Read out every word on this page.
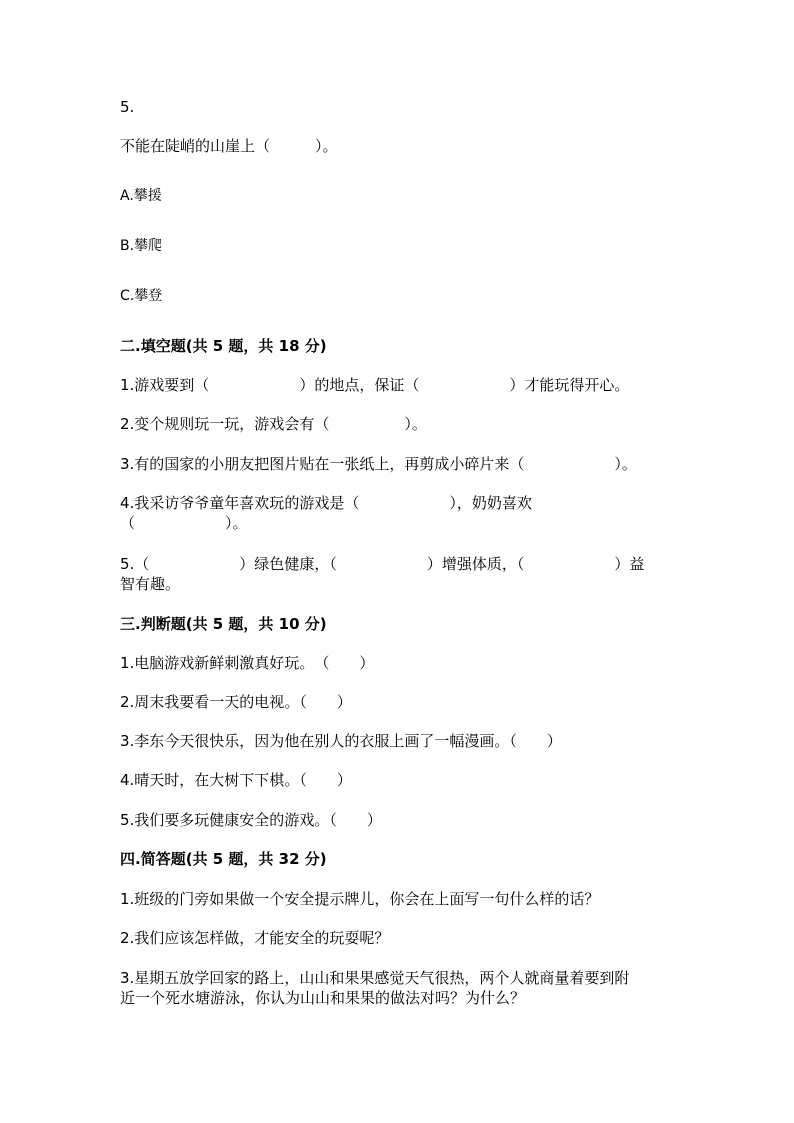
5.
不能在陡峭的山崖上（　　　）。
A.攀援
B.攀爬
C.攀登
二.填空题(共 5 题，共 18 分)
1.游戏要到（　　　　　　）的地点，保证（　　　　　　）才能玩得开心。
2.变个规则玩一玩，游戏会有（　　　　　）。
3.有的国家的小朋友把图片贴在一张纸上，再剪成小碎片来（　　　　　　）。
4.我采访爷爷童年喜欢玩的游戏是（　　　　　　），奶奶喜欢
（　　　　　　）。
5.（　　　　　　）绿色健康，（　　　　　　）增强体质，（　　　　　　）益
智有趣。
三.判断题(共 5 题，共 10 分)
1.电脑游戏新鲜刺激真好玩。　（　　）
2.周末我要看一天的电视。（　　）
3.李东今天很快乐，因为他在别人的衣服上画了一幅漫画。（　　）
4.晴天时，在大树下下棋。（　　）
5.我们要多玩健康安全的游戏。（　　）
四.简答题(共 5 题，共 32 分)
1.班级的门旁如果做一个安全提示牌儿，你会在上面写一句什么样的话？
2.我们应该怎样做，才能安全的玩耍呢？
3.星期五放学回家的路上，山山和果果感觉天气很热，两个人就商量着要到附
近一个死水塘游泳，你认为山山和果果的做法对吗？为什么？
